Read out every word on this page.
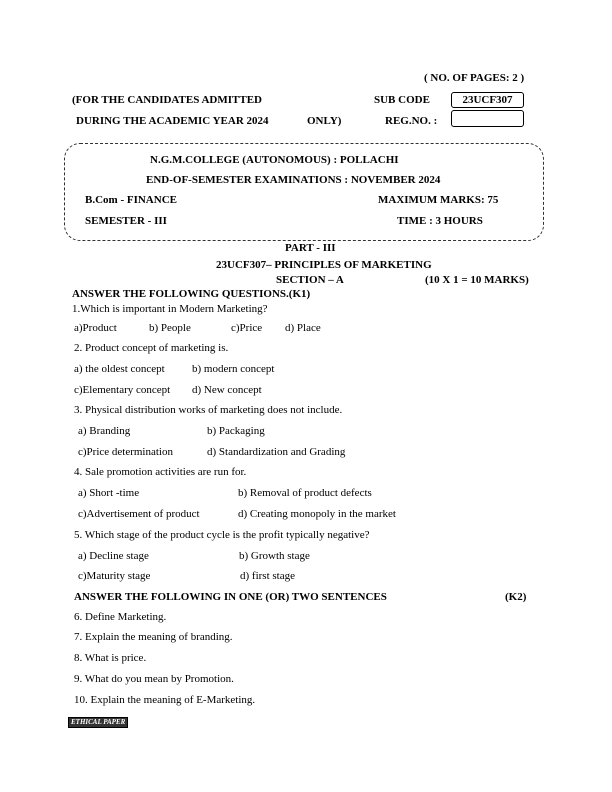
( NO. OF PAGES: 2 )
(FOR THE CANDIDATES ADMITTED	SUB CODE	23UCF307
DURING THE ACADEMIC YEAR 2024	ONLY)	REG.NO. :
N.G.M.COLLEGE (AUTONOMOUS) : POLLACHI
END-OF-SEMESTER EXAMINATIONS : NOVEMBER 2024
B.Com - FINANCE	MAXIMUM MARKS: 75
SEMESTER - III	TIME : 3 HOURS
PART - III
23UCF307– PRINCIPLES OF MARKETING
SECTION – A	(10 X 1 = 10 MARKS)
ANSWER THE FOLLOWING QUESTIONS.(K1)
1.Which is important in Modern Marketing?
a)Product	b) People	c)Price d) Place
2. Product concept of marketing is.
a) the oldest concept b) modern concept
c)Elementary concept d) New concept
3. Physical distribution works of marketing does not include.
a) Branding	b) Packaging
c)Price determination	d) Standardization and Grading
4. Sale promotion activities are run for.
a) Short -time	b) Removal of product defects
c)Advertisement of product	d) Creating monopoly in the market
5. Which stage of the product cycle is the profit typically negative?
a) Decline stage	b) Growth stage
c)Maturity stage	d) first stage
ANSWER THE FOLLOWING IN ONE (OR) TWO SENTENCES	(K2)
6. Define Marketing.
7. Explain the meaning of branding.
8. What is price.
9. What do you mean by Promotion.
10. Explain the meaning of E-Marketing.
ETHICAL PAPER
